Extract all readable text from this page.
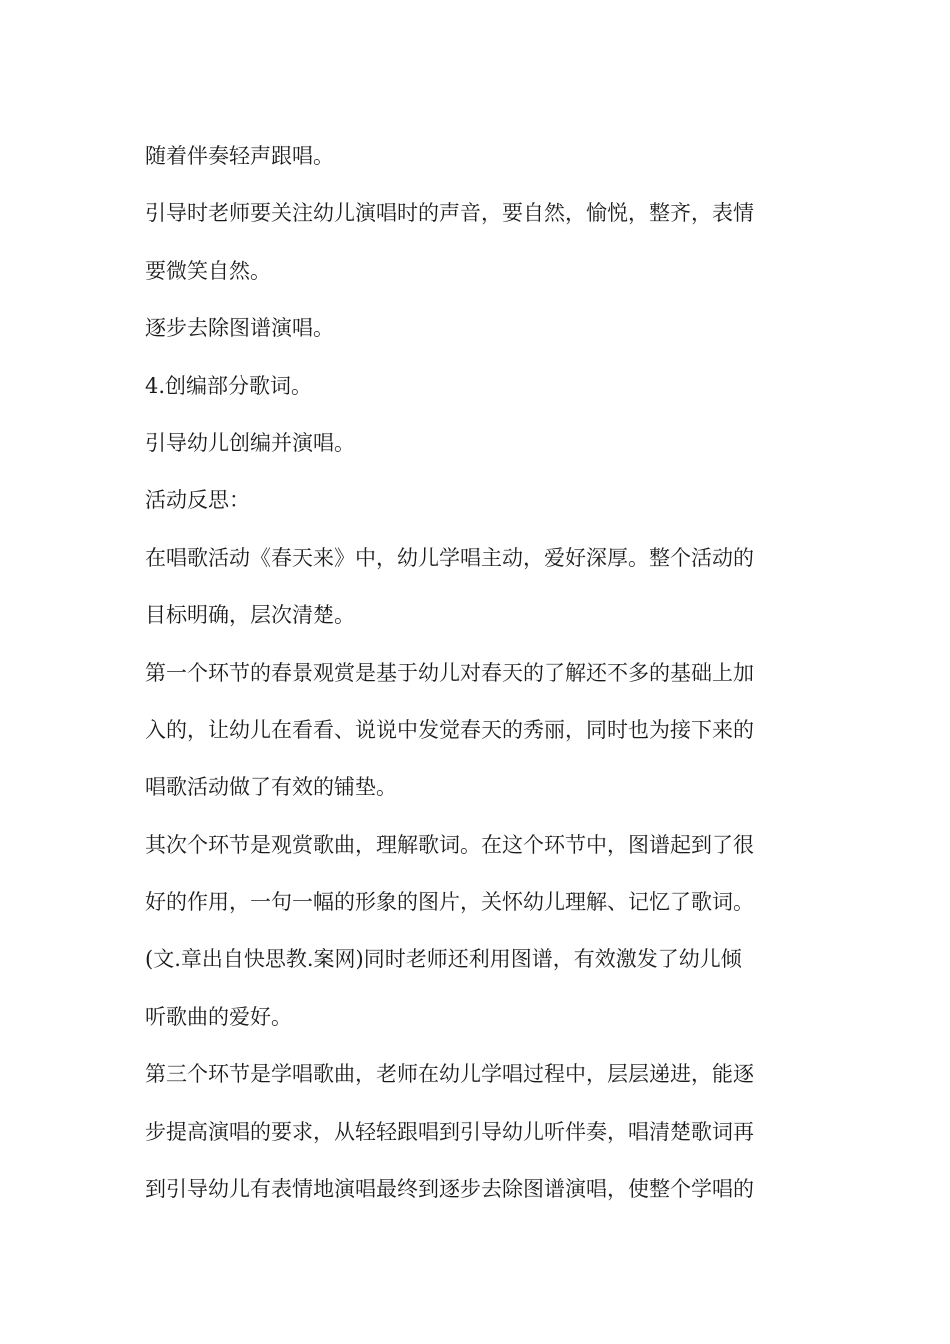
随着伴奏轻声跟唱。
引导时老师要关注幼儿演唱时的声音，要自然，愉悦，整齐，表情
要微笑自然。
逐步去除图谱演唱。
4.创编部分歌词。
引导幼儿创编并演唱。
活动反思：
在唱歌活动《春天来》中，幼儿学唱主动，爱好深厚。整个活动的
目标明确，层次清楚。
第一个环节的春景观赏是基于幼儿对春天的了解还不多的基础上加
入的，让幼儿在看看、说说中发觉春天的秀丽，同时也为接下来的
唱歌活动做了有效的铺垫。
其次个环节是观赏歌曲，理解歌词。在这个环节中，图谱起到了很
好的作用，一句一幅的形象的图片，关怀幼儿理解、记忆了歌词。
(文.章出自快思教.案网)同时老师还利用图谱，有效激发了幼儿倾
听歌曲的爱好。
第三个环节是学唱歌曲，老师在幼儿学唱过程中，层层递进，能逐
步提高演唱的要求，从轻轻跟唱到引导幼儿听伴奏，唱清楚歌词再
到引导幼儿有表情地演唱最终到逐步去除图谱演唱，使整个学唱的
